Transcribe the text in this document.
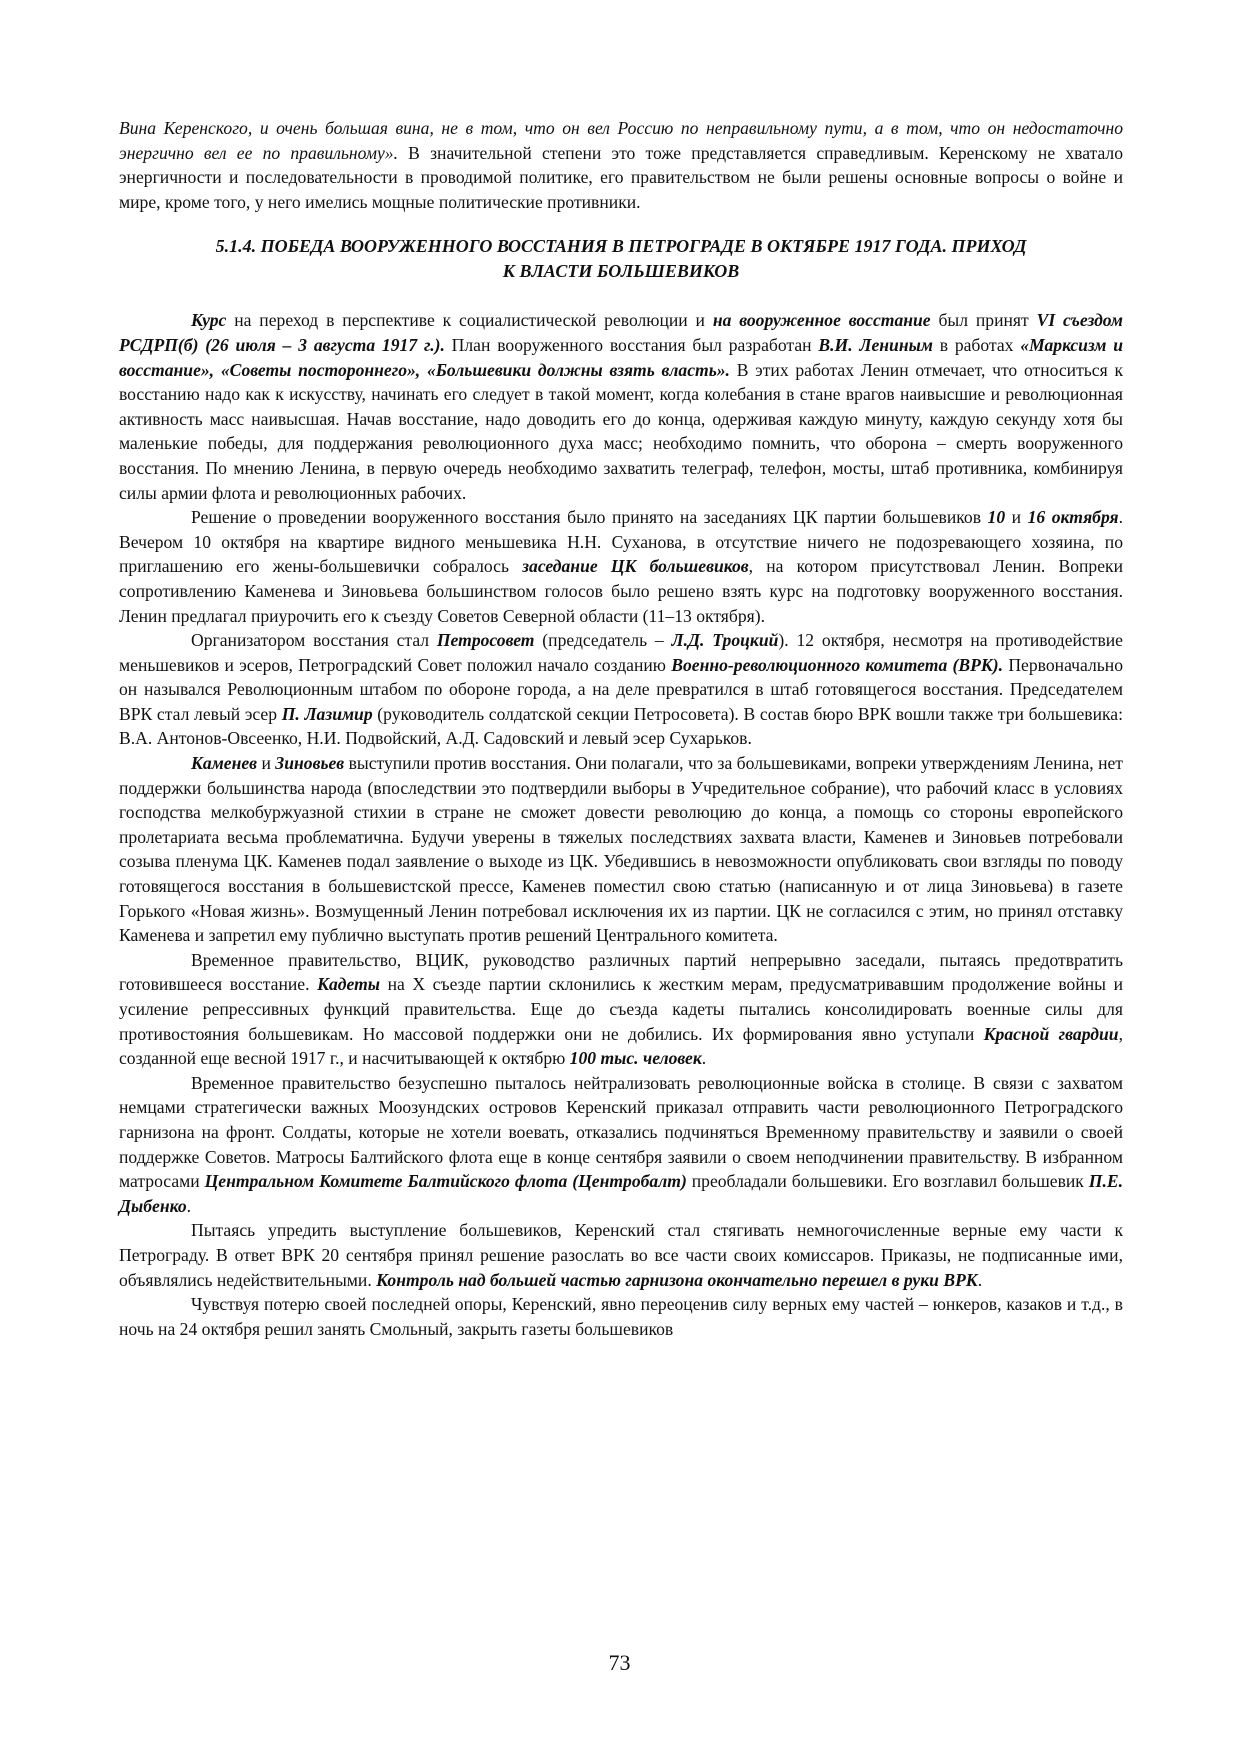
Вина Керенского, и очень большая вина, не в том, что он вел Россию по неправильному пути, а в том, что он недостаточно энергично вел ее по правильному». В значительной степени это тоже представляется справедливым. Керенскому не хватало энергичности и последовательности в проводимой политике, его правительством не были решены основные вопросы о войне и мире, кроме того, у него имелись мощные политические противники.

5.1.4. ПОБЕДА ВООРУЖЕННОГО ВОССТАНИЯ В ПЕТРОГРАДЕ В ОКТЯБРЕ 1917 ГОДА. ПРИХОД
К ВЛАСТИ БОЛЬШЕВИКОВ

Курс на переход в перспективе к социалистической революции и на вооруженное восстание был принят VI съездом РСДРП(б) (26 июля – 3 августа 1917 г.). План вооруженного восстания был разработан В.И. Лениным в работах «Марксизм и восстание», «Советы постороннего», «Большевики должны взять власть». В этих работах Ленин отмечает, что относиться к восстанию надо как к искусству, начинать его следует в такой момент, когда колебания в стане врагов наивысшие и революционная активность масс наивысшая. Начав восстание, надо доводить его до конца, одерживая каждую минуту, каждую секунду хотя бы маленькие победы, для поддержания революционного духа масс; необходимо помнить, что оборона – смерть вооруженного восстания. По мнению Ленина, в первую очередь необходимо захватить телеграф, телефон, мосты, штаб противника, комбинируя силы армии флота и революционных рабочих.

Решение о проведении вооруженного восстания было принято на заседаниях ЦК партии большевиков 10 и 16 октября. Вечером 10 октября на квартире видного меньшевика Н.Н. Суханова, в отсутствие ничего не подозревающего хозяина, по приглашению его жены-большевички собралось заседание ЦК большевиков, на котором присутствовал Ленин. Вопреки сопротивлению Каменева и Зиновьева большинством голосов было решено взять курс на подготовку вооруженного восстания. Ленин предлагал приурочить его к съезду Советов Северной области (11–13 октября).

Организатором восстания стал Петросовет (председатель – Л.Д. Троцкий). 12 октября, несмотря на противодействие меньшевиков и эсеров, Петроградский Совет положил начало созданию Военно-революционного комитета (ВРК). Первоначально он назывался Революционным штабом по обороне города, а на деле превратился в штаб готовящегося восстания. Председателем ВРК стал левый эсер П. Лазимир (руководитель солдатской секции Петросовета). В состав бюро ВРК вошли также три большевика: В.А. Антонов-Овсеенко, Н.И. Подвойский, А.Д. Садовский и левый эсер Сухарьков.

Каменев и Зиновьев выступили против восстания. Они полагали, что за большевиками, вопреки утверждениям Ленина, нет поддержки большинства народа (впоследствии это подтвердили выборы в Учредительное собрание), что рабочий класс в условиях господства мелкобуржуазной стихии в стране не сможет довести революцию до конца, а помощь со стороны европейского пролетариата весьма проблематична. Будучи уверены в тяжелых последствиях захвата власти, Каменев и Зиновьев потребовали созыва пленума ЦК. Каменев подал заявление о выходе из ЦК. Убедившись в невозможности опубликовать свои взгляды по поводу готовящегося восстания в большевистской прессе, Каменев поместил свою статью (написанную и от лица Зиновьева) в газете Горького «Новая жизнь». Возмущенный Ленин потребовал исключения их из партии. ЦК не согласился с этим, но принял отставку Каменева и запретил ему публично выступать против решений Центрального комитета.

Временное правительство, ВЦИК, руководство различных партий непрерывно заседали, пытаясь предотвратить готовившееся восстание. Кадеты на X съезде партии склонились к жестким мерам, предусматривавшим продолжение войны и усиление репрессивных функций правительства. Еще до съезда кадеты пытались консолидировать военные силы для противостояния большевикам. Но массовой поддержки они не добились. Их формирования явно уступали Красной гвардии, созданной еще весной 1917 г., и насчитывающей к октябрю 100 тыс. человек.

Временное правительство безуспешно пыталось нейтрализовать революционные войска в столице. В связи с захватом немцами стратегически важных Моозундских островов Керенский приказал отправить части революционного Петроградского гарнизона на фронт. Солдаты, которые не хотели воевать, отказались подчиняться Временному правительству и заявили о своей поддержке Советов. Матросы Балтийского флота еще в конце сентября заявили о своем неподчинении правительству. В избранном матросами Центральном Комитете Балтийского флота (Центробалт) преобладали большевики. Его возглавил большевик П.Е. Дыбенко.

Пытаясь упредить выступление большевиков, Керенский стал стягивать немногочисленные верные ему части к Петрограду. В ответ ВРК 20 сентября принял решение разослать во все части своих комиссаров. Приказы, не подписанные ими, объявлялись недействительными. Контроль над большей частью гарнизона окончательно перешел в руки ВРК.

Чувствуя потерю своей последней опоры, Керенский, явно переоценив силу верных ему частей – юнкеров, казаков и т.д., в ночь на 24 октября решил занять Смольный, закрыть газеты большевиков

73
